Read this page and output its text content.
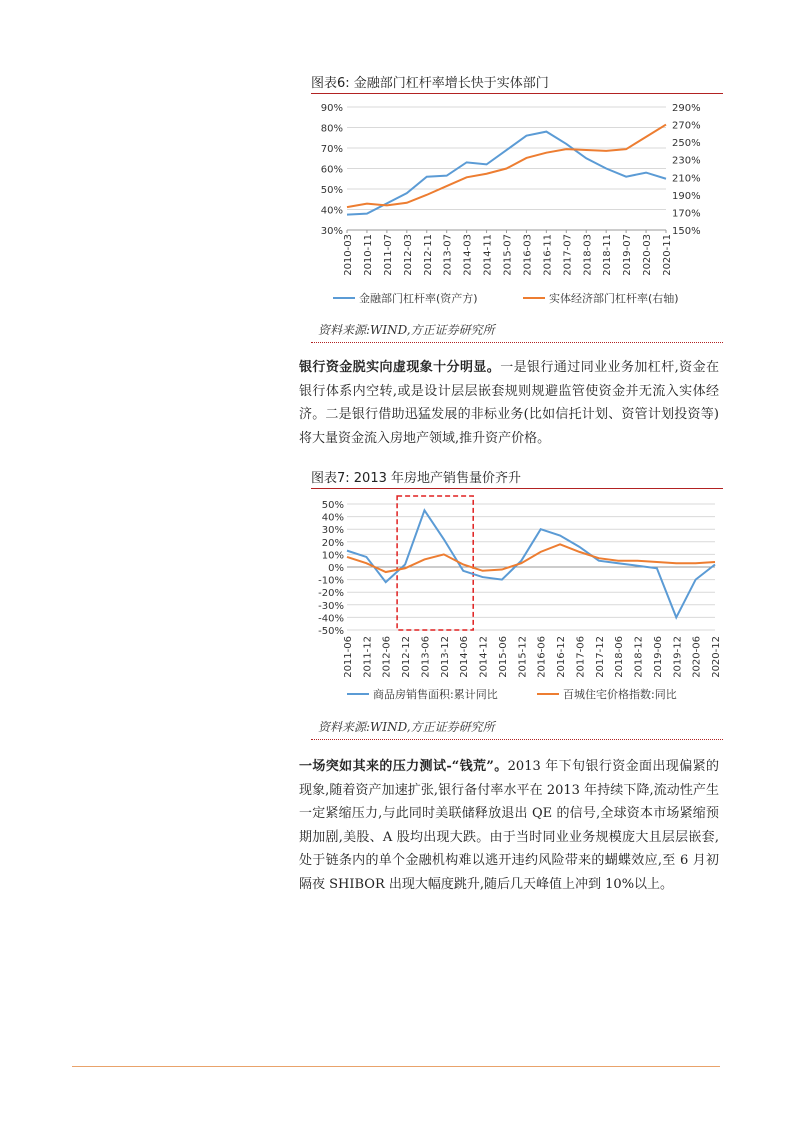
图表6: 金融部门杠杆率增长快于实体部门
90%
80%
70%
60%
50%
40%
30%
290%
270%
250%
230%
210%
190%
170%
150%
2010-03 2010-11 2011-07 2012-03 2012-11 2013-07 2014-03 2014-11 2015-07 2016-03 2016-11 2017-07 2018-03 2018-11 2019-07 2020-03 2020-11
金融部门杠杆率(资产方)	实体经济部门杠杆率(右轴)
资料来源:WIND,方正证券研究所

银行资金脱实向虚现象十分明显。一是银行通过同业业务加杠杆,资金在银行体系内空转,或是设计层层嵌套规则规避监管使资金并无流入实体经济。二是银行借助迅猛发展的非标业务(比如信托计划、资管计划投资等)将大量资金流入房地产领域,推升资产价格。

图表7: 2013 年房地产销售量价齐升
50%
40%
30%
20%
10%
0%
-10%
-20%
-30%
-40%
-50%
2011-06 2011-12 2012-06 2012-12 2013-06 2013-12 2014-06 2014-12 2015-06 2015-12 2016-06 2016-12 2017-06 2017-12 2018-06 2018-12 2019-06 2019-12 2020-06 2020-12
商品房销售面积:累计同比	百城住宅价格指数:同比
资料来源:WIND,方正证券研究所

一场突如其来的压力测试-“钱荒”。2013 年下旬银行资金面出现偏紧的现象,随着资产加速扩张,银行备付率水平在 2013 年持续下降,流动性产生一定紧缩压力,与此同时美联储释放退出 QE 的信号,全球资本市场紧缩预期加剧,美股、A 股均出现大跌。由于当时同业业务规模庞大且层层嵌套,处于链条内的单个金融机构难以逃开违约风险带来的蝴蝶效应,至 6 月初隔夜 SHIBOR 出现大幅度跳升,随后几天峰值上冲到 10%以上。
